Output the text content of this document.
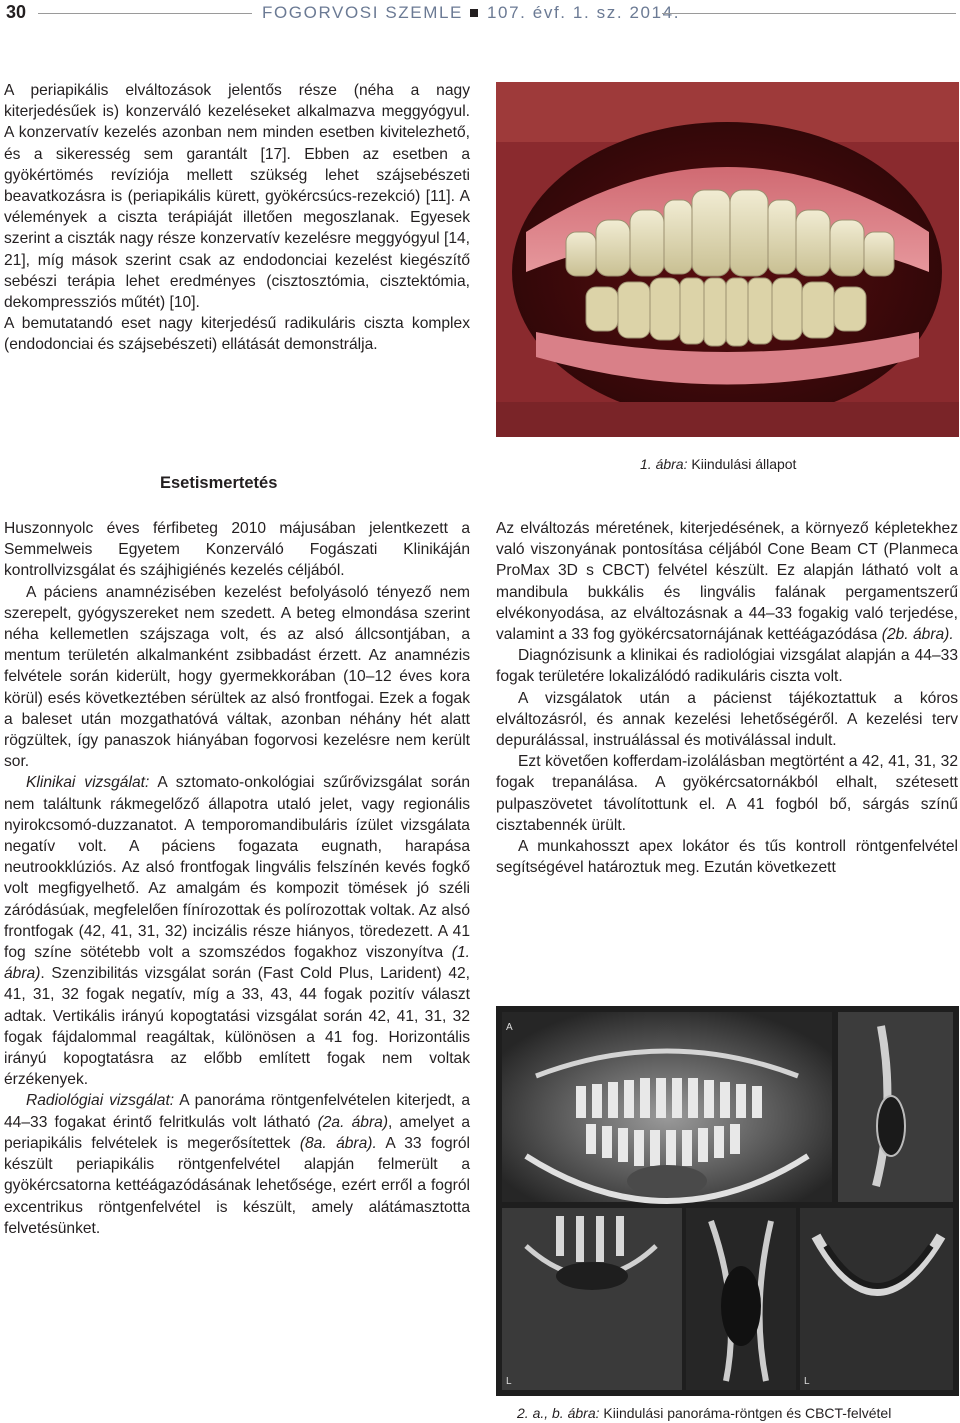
30	FOGORVOSI SZEMLE 107. évf. 1. sz. 2014.

A periapikális elváltozások jelentős része (néha a nagy kiterjedésűek is) konzerváló kezeléseket alkalmazva meggyógyul. A konzervatív kezelés azonban nem minden esetben kivitelezhető, és a sikeresség sem garantált [17]. Ebben az esetben a gyökértömés revíziója mellett szükség lehet szájsebészeti beavatkozásra is (periapikális kürett, gyökércsúcs-rezekció) [11]. A vélemények a ciszta terápiáját illetően megoszlanak. Egyesek szerint a ciszták nagy része konzervatív kezelésre meggyógyul [14, 21], míg mások szerint csak az endodonciai kezelést kiegészítő sebészi terápia lehet eredményes (cisztosztómia, cisztektómia, dekompressziós műtét) [10].

A bemutatandó eset nagy kiterjedésű radikuláris ciszta komplex (endodonciai és szájsebészeti) ellátását demonstrálja.

Esetismertetés

Huszonnyolc éves férfibeteg 2010 májusában jelentkezett a Semmelweis Egyetem Konzerváló Fogászati Klinikáján kontrollvizsgálat és szájhigiénés kezelés céljából.

A páciens anamnézisében kezelést befolyásoló tényező nem szerepelt, gyógyszereket nem szedett. A beteg elmondása szerint néha kellemetlen szájszaga volt, és az alsó állcsontjában, a mentum területén alkalmanként zsibbadást érzett. Az anamnézis felvétele során kiderült, hogy gyermekkorában (10–12 éves kora körül) esés következtében sérültek az alsó frontfogai. Ezek a fogak a baleset után mozgathatóvá váltak, azonban néhány hét alatt rögzültek, így panaszok hiányában fogorvosi kezelésre nem került sor.

Klinikai vizsgálat: A sztomato-onkológiai szűrővizsgálat során nem találtunk rákmegelőző állapotra utaló jelet, vagy regionális nyirokcsomó-duzzanatot. A temporomandibuláris ízület vizsgálata negatív volt. A páciens fogazata eugnath, harapása neutrookklúziós. Az alsó frontfogak lingvális felszínén kevés fogkő volt megfigyelhető. Az amalgám és kompozit tömések jó széli záródásúak, megfelelően fínírozottak és polírozottak voltak. Az alsó frontfogak (42, 41, 31, 32) incizális része hiányos, töredezett. A 41 fog színe sötétebb volt a szomszédos fogakhoz viszonyítva (1. ábra). Szenzibilitás vizsgálat során (Fast Cold Plus, Larident) 42, 41, 31, 32 fogak negatív, míg a 33, 43, 44 fogak pozitív választ adtak. Vertikális irányú kopogtatási vizsgálat során 42, 41, 31, 32 fogak fájdalommal reagáltak, különösen a 41 fog. Horizontális irányú kopogtatásra az előbb említett fogak nem voltak érzékenyek.

Radiológiai vizsgálat: A panoráma röntgenfelvételen kiterjedt, a 44–33 fogakat érintő felritkulás volt látható (2a. ábra), amelyet a periapikális felvételek is megerősítettek (8a. ábra). A 33 fogról készült periapikális röntgenfelvétel alapján felmerült a gyökércsatorna kettéágazódásának lehetősége, ezért erről a fogról excentrikus röntgenfelvétel is készült, amely alátámasztotta felvetésünket.

1. ábra: Kiindulási állapot

Az elváltozás méretének, kiterjedésének, a környező képletekhez való viszonyának pontosítása céljából Cone Beam CT (Planmeca ProMax 3D s CBCT) felvétel készült. Ez alapján látható volt a mandibula bukkális és lingvális falának pergamentszerű elvékonyodása, az elváltozásnak a 44–33 fogakig való terjedése, valamint a 33 fog gyökércsatornájának kettéágazódása (2b. ábra).

Diagnózisunk a klinikai és radiológiai vizsgálat alapján a 44–33 fogak területére lokalizálódó radikuláris ciszta volt.

A vizsgálatok után a pácienst tájékoztattuk a kóros elváltozásról, és annak kezelési lehetőségéről. A kezelési terv depurálással, instruálással és motiválással indult.

Ezt követően kofferdam-izolálásban megtörtént a 42, 41, 31, 32 fogak trepanálása. A gyökércsatornákból elhalt, szétesett pulpaszövetet távolítottunk el. A 41 fogból bő, sárgás színű cisztabennék ürült.

A munkahosszt apex lokátor és tűs kontroll röntgenfelvétel segítségével határoztuk meg. Ezután következett

A
L	L
2. a., b. ábra: Kiindulási panoráma-röntgen és CBCT-felvétel
